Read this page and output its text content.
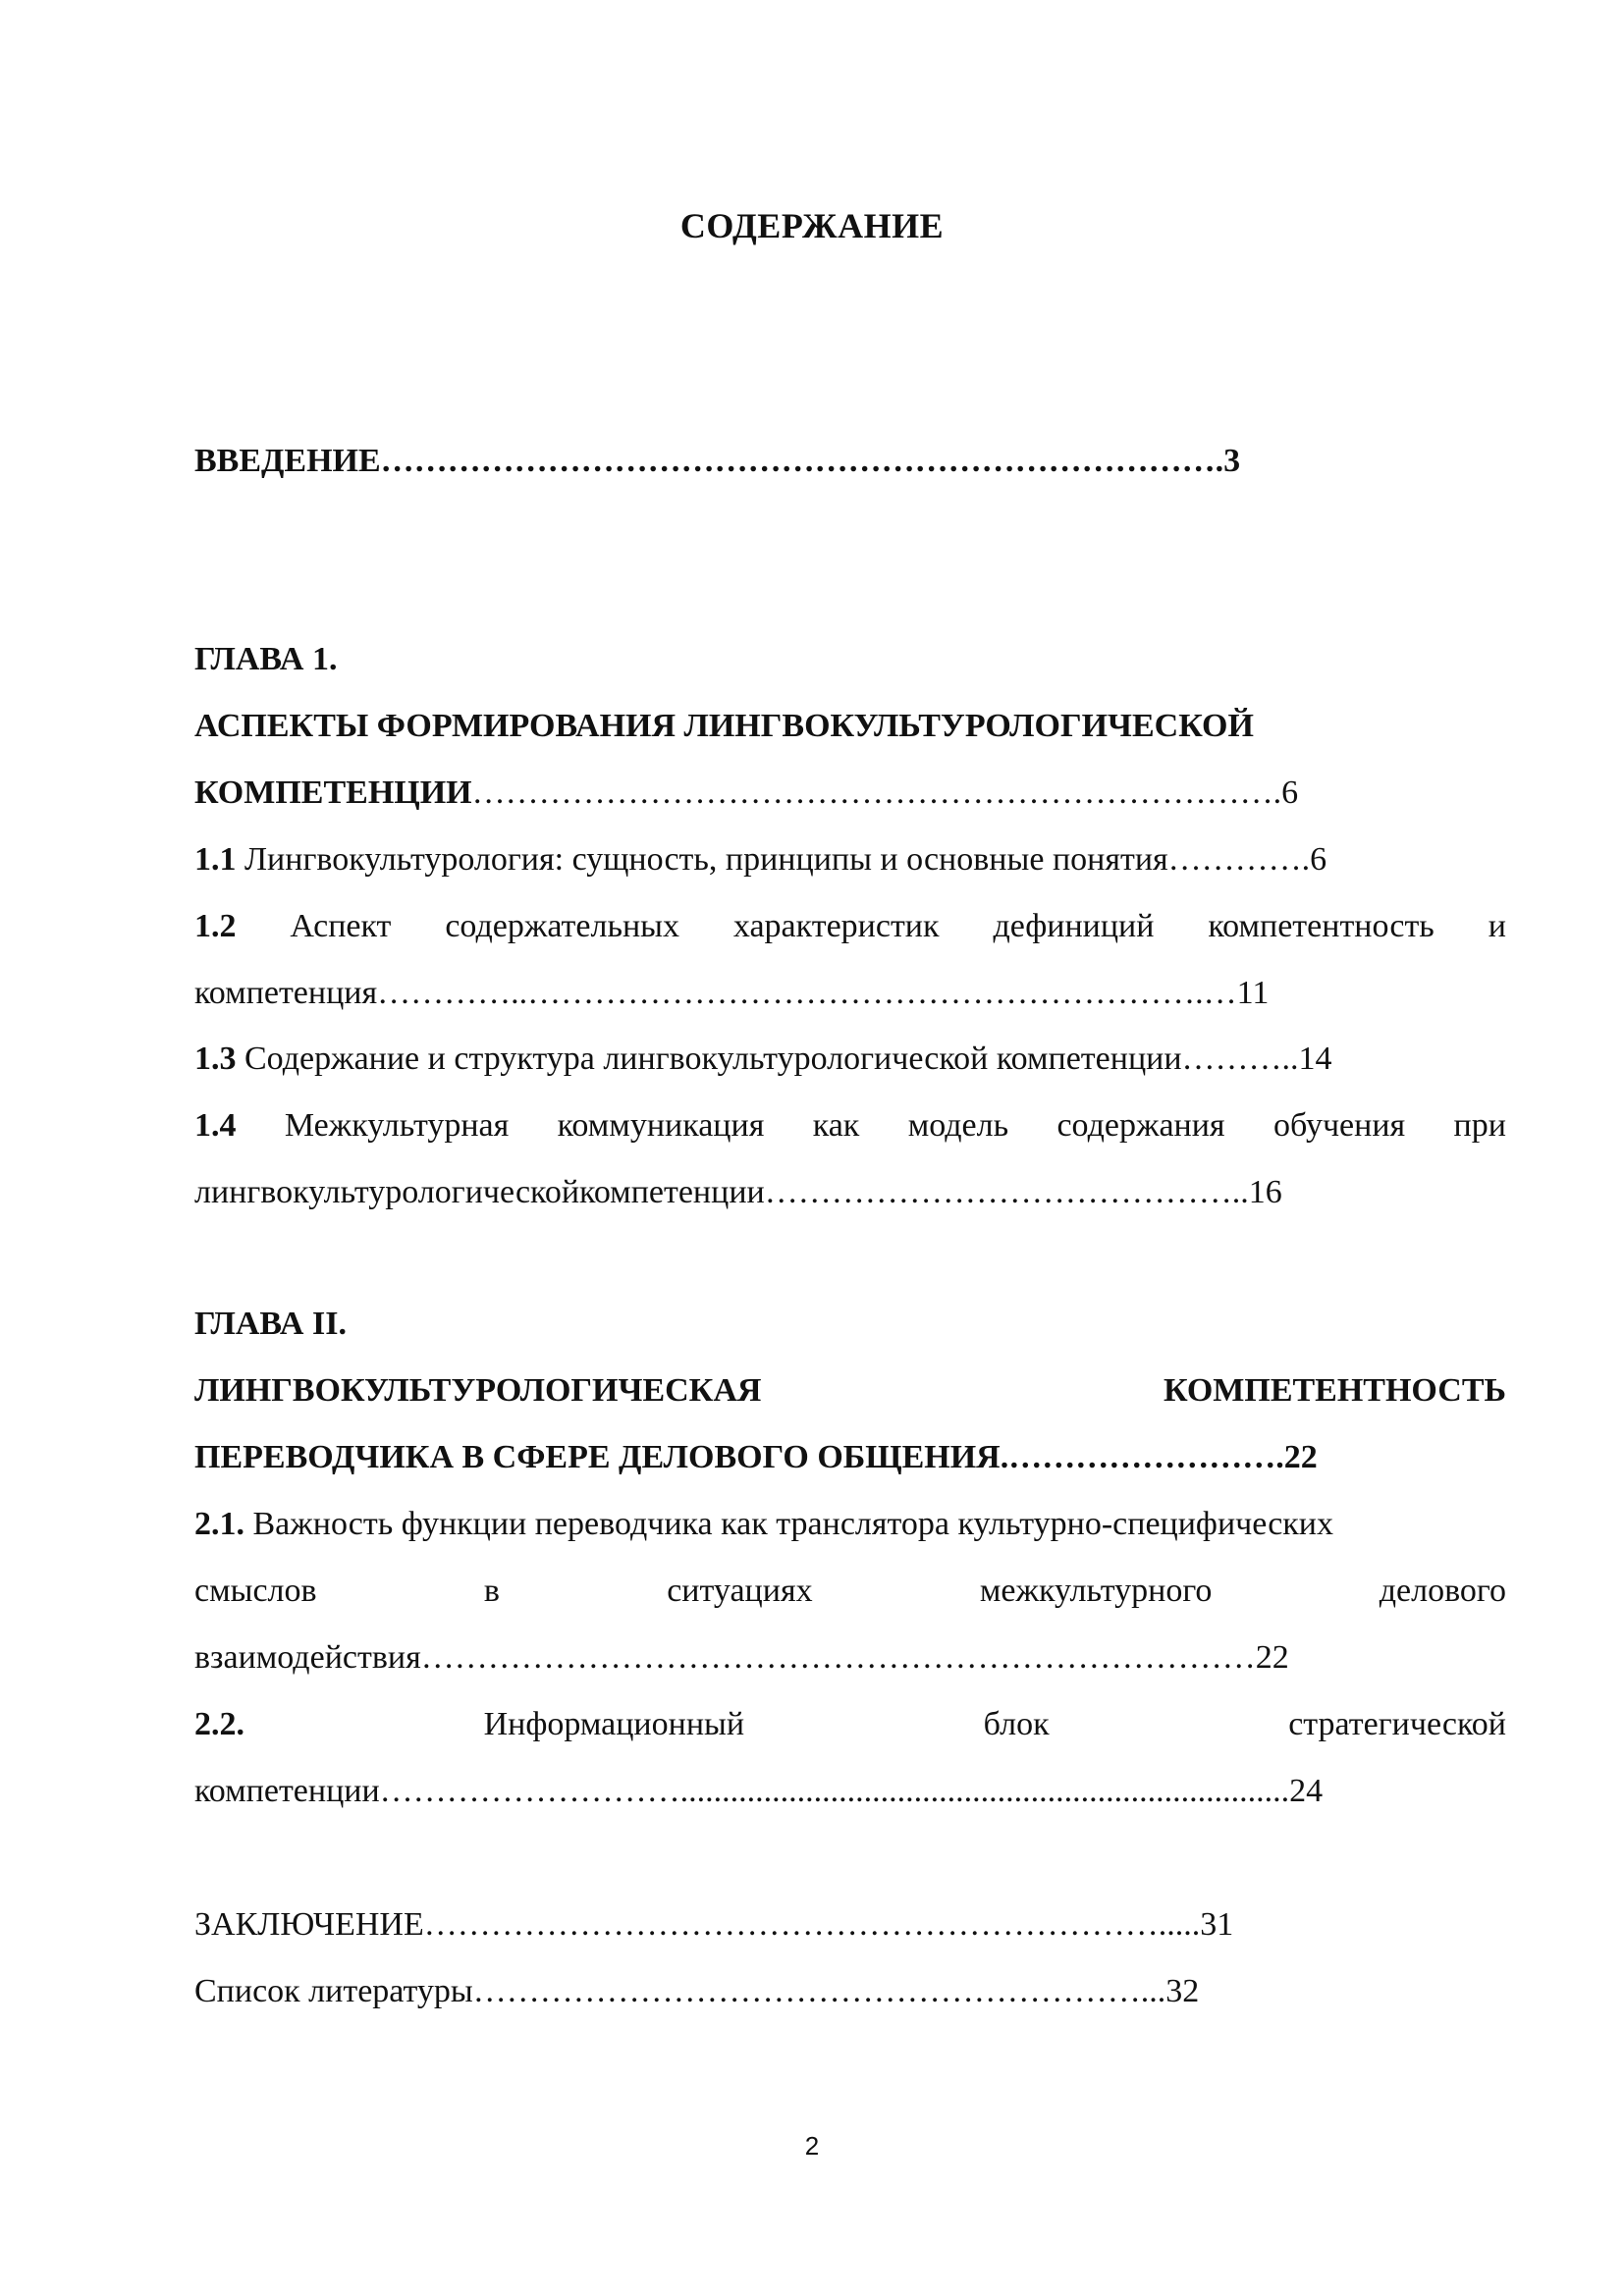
СОДЕРЖАНИЕ
ВВЕДЕНИЕ………………………………………………………………….3
ГЛАВА 1.
АСПЕКТЫ ФОРМИРОВАНИЯ ЛИНГВОКУЛЬТУРОЛОГИЧЕСКОЙ
КОМПЕТЕНЦИИ……………………………………………………………….6
1.1 Лингвокультурология: сущность, принципы и основные понятия………….6
1.2 Аспект содержательных характеристик дефиниций компетентность и
компетенция…………..…………………………………………………….…11
1.3 Содержание и структура лингвокультурологической компетенции………..14
1.4 Межкультурная коммуникация как модель содержания обучения при
лингвокультурологическойкомпетенции……………………………………..16
ГЛАВА II.
ЛИНГВОКУЛЬТУРОЛОГИЧЕСКАЯ	КОМПЕТЕНТНОСТЬ
ПЕРЕВОДЧИКА В СФЕРЕ ДЕЛОВОГО ОБЩЕНИЯ.…………………….22
2.1. Важность функции переводчика как транслятора культурно-специфических
смыслов	в	ситуациях	межкультурного	делового
взаимодействия…………………………………………………………………22
2.2.	Информационный	блок	стратегической
компетенции……………………….........................................................................24
ЗАКЛЮЧЕНИЕ………………………………………………………….....31
Список литературы……………………………………………………...32
2
